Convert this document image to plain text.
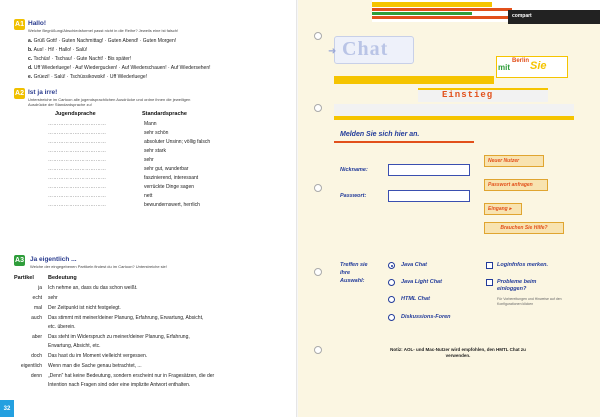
A1 Hallo!
Welche Begrüßung/Abschiedsformel passt nicht in die Reihe? Jeweils eine ist falsch!
a. Grüß Gott! · Guten Nachmittag! · Guten Abend! · Guten Morgen!
b. Aus! · Hi! · Hallo! · Salü!
c. Tschüs! · Tschau! · Gute Nacht! · Bis später!
d. Uff Wiederluege! · Auf Wiedergucken! · Auf Wiederschauen! · Auf Wiedersehen!
e. Grüezi! · Salü! · Tschüssikowski! · Uff Wiederluege!
A2 Ist ja irre!
Unterstreiche im Cartoon alle jugendsprachlichen Ausdrücke und ordne ihnen die jeweiligen
Ausdrücke der Standardsprache zu!
Jugendsprache	Standardsprache
……………………………	Mann
……………………………	sehr schön
……………………………	absoluter Unsinn; völlig falsch
……………………………	sehr stark
……………………………	sehr
……………………………	sehr gut, wunderbar
……………………………	faszinierend, interessant
……………………………	verrückte Dinge sagen
……………………………	nett
……………………………	bewundernswert, herrlich
A3 Ja eigentlich ...
Welche der eingegebenen Partikeln findest du im Cartoon? Unterstreiche sie!
Partikel	Bedeutung
ja Ich nehme an, dass du das schon weißt.
echt sehr
mal Der Zeitpunkt ist nicht festgelegt.
auch Das stimmt mit meiner/deiner Planung, Erfahrung, Erwartung, Absicht,
etc. überein.
aber Das steht im Widerspruch zu meiner/deiner Planung, Erfahrung,
Erwartung, Absicht, etc.
doch Das hast du im Moment vielleicht vergessen.
eigentlich Wenn man die Sache genau betrachtet, ...
denn „Denn“ hat keine Bedeutung, sondern erscheint nur in Fragesätzen, die der
Intention nach Fragen sind oder eine implizite Antwort enthalten.
32
compart
Chat
➜
mit
Berlin Sie
Einstieg
Melden Sie sich hier an.
Nickname:
Passwort:
Neuer Nutzer
Passwort anfragen
Eingang ▸
Brauchen Sie Hilfe?
Treffen sie
ihre
Auswahl:
Java Chat
Java Light Chat
HTML Chat
Diskussions-Foren
Loginfnfos merken.
Probleme beim einloggen?
Für Vorbereitungen und Hinweise auf den Konfigurationen klicken
Notiz: AOL- und Mac-Nutzer wird empfohlen, den HMTL Chat zu
verwenden.
